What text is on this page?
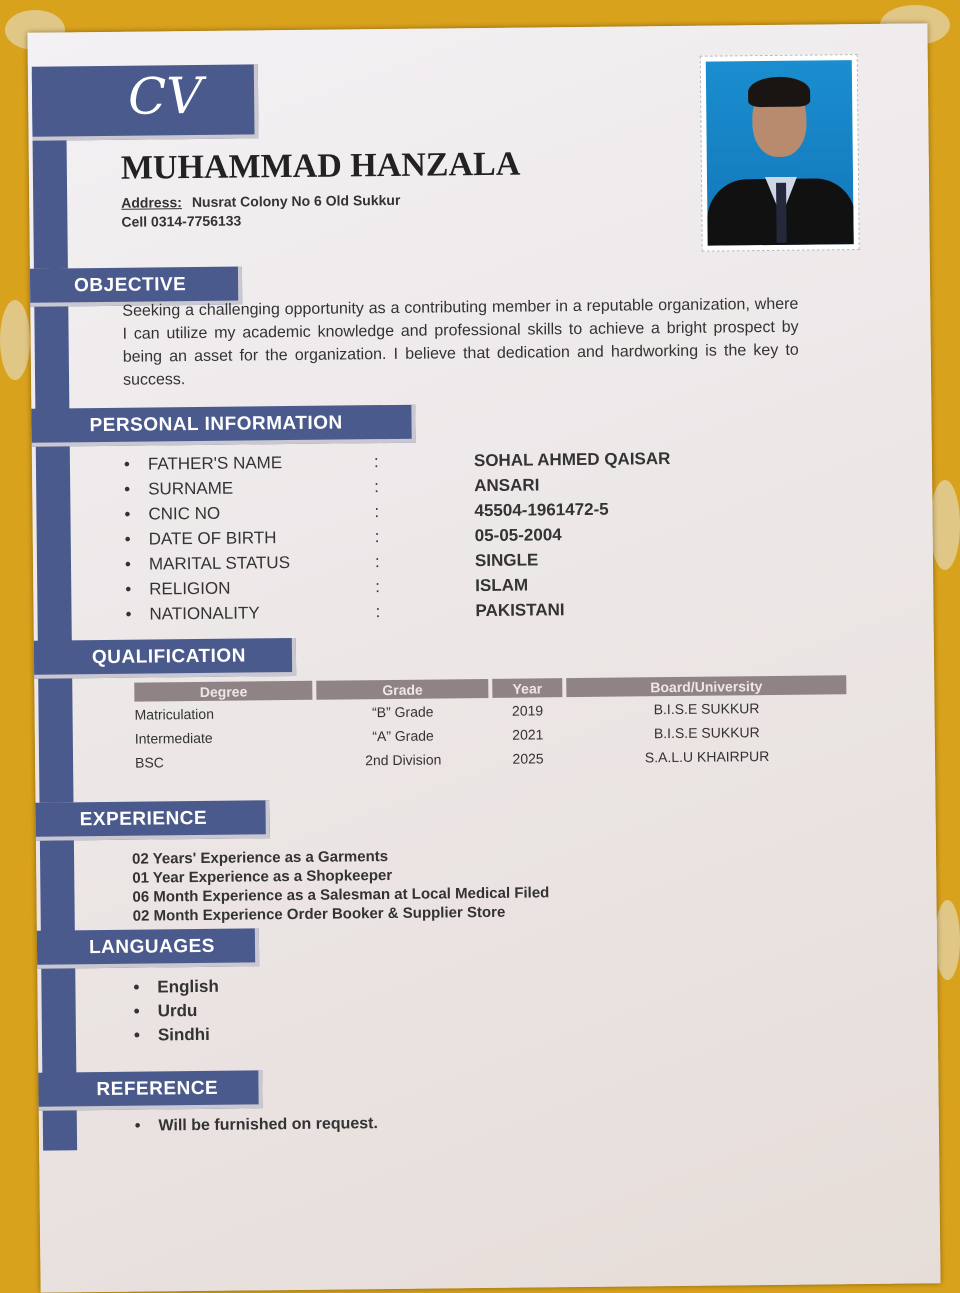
CV
MUHAMMAD HANZALA
Address: Nusrat Colony No 6 Old Sukkur
Cell 0314-7756133
OBJECTIVE
Seeking a challenging opportunity as a contributing member in a reputable organization, where I can utilize my academic knowledge and professional skills to achieve a bright prospect by being an asset for the organization. I believe that dedication and hardworking is the key to success.
PERSONAL INFORMATION
• FATHER'S NAME	:	SOHAL AHMED QAISAR
• SURNAME	:	ANSARI
• CNIC NO	:	45504-1961472-5
• DATE OF BIRTH	:	05-05-2004
• MARITAL STATUS	:	SINGLE
• RELIGION	:	ISLAM
• NATIONALITY	:	PAKISTANI
QUALIFICATION
Degree	Grade	Year	Board/University
Matriculation	“B” Grade	2019	B.I.S.E SUKKUR
Intermediate	“A” Grade	2021	B.I.S.E SUKKUR
BSC	2nd Division	2025	S.A.L.U KHAIRPUR
EXPERIENCE
02 Years' Experience as a Garments
01 Year Experience as a Shopkeeper
06 Month Experience as a Salesman at Local Medical Filed
02 Month Experience Order Booker & Supplier Store
LANGUAGES
• English
• Urdu
• Sindhi
REFERENCE
• Will be furnished on request.
